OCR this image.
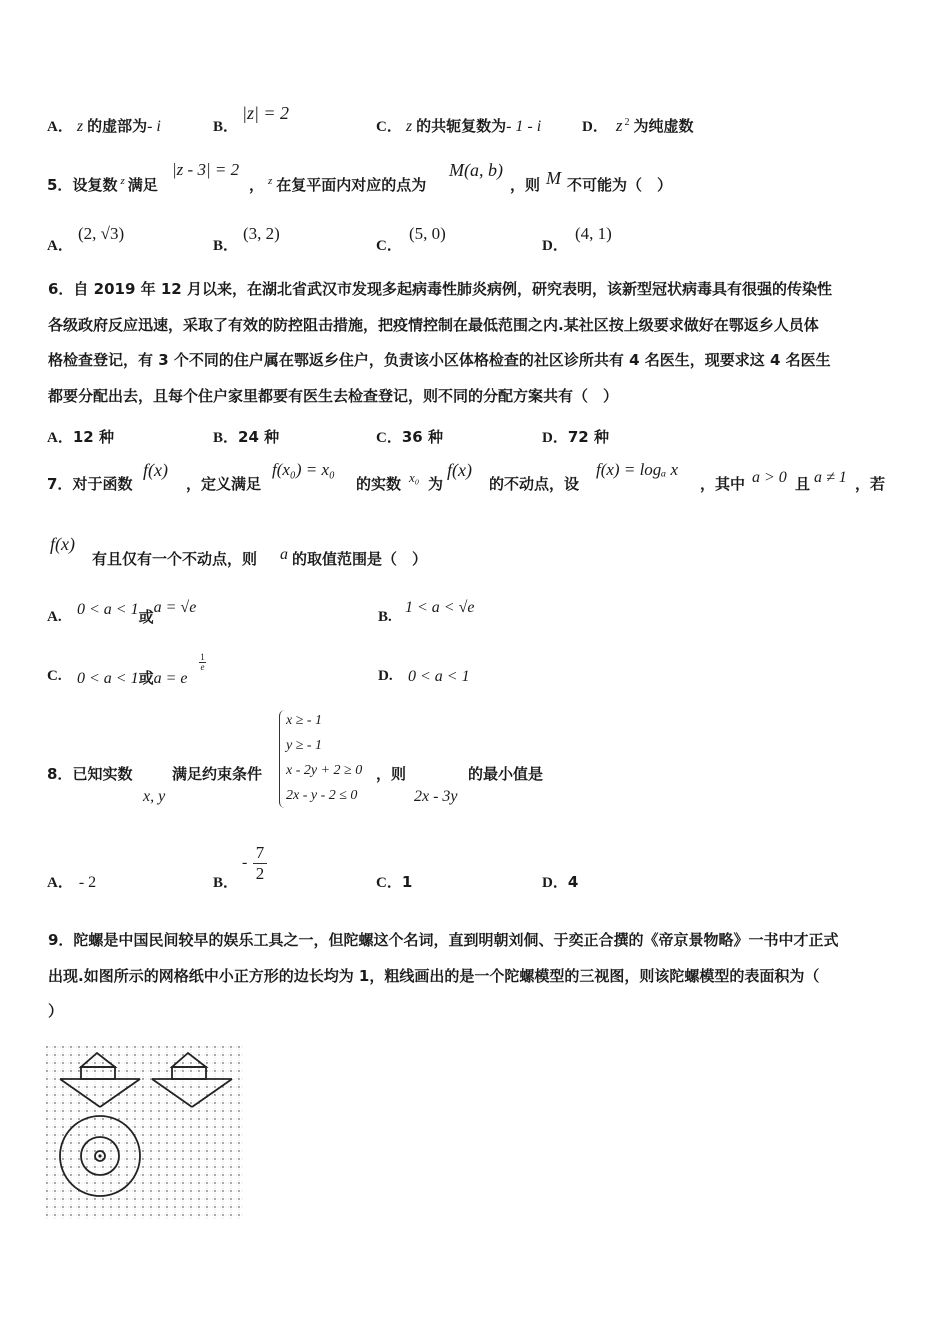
A． z 的虚部为- i	B．
|z| = 2
C． z 的共轭复数为- 1 - i	D． z $^2$ 为纯虚数
5．设复数 $^z$ 满足
|z - 3| = 2
， $^z$ 在复平面内对应的点为
M(a, b)
，则 M 不可能为（　）
A．
(2, √3)
B．
(3, 2)
C．
(5, 0)
D．
(4, 1)
6．自 2019 年 12 月以来，在湖北省武汉市发现多起病毒性肺炎病例，研究表明，该新型冠状病毒具有很强的传染性
各级政府反应迅速，采取了有效的防控阻击措施，把疫情控制在最低范围之内.某社区按上级要求做好在鄂返乡人员体
格检查登记，有 3 个不同的住户属在鄂返乡住户，负责该小区体格检查的社区诊所共有 4 名医生，现要求这 4 名医生
都要分配出去，且每个住户家里都要有医生去检查登记，则不同的分配方案共有（　）
A．12 种	B．24 种	C．36 种	D．72 种
7．对于函数
f(x)
，定义满足
f(x₀) = x₀
的实数 x₀ 为
f(x)
的不动点，设
f(x) = logₐ x
，其中 a > 0 且 a ≠ 1 ，若
f(x)
有且仅有一个不动点，则 a 的取值范围是（　）
A. 0 < a < 1或a = √e
B.
1 < a < √e
C. 0 < a < 1或a = e
1
e
D. 0 < a < 1
8．已知实数
x, y
满足约束条件
x ≥ - 1
y ≥ - 1
x - 2y + 2 ≥ 0
2x - y - 2 ≤ 0
，则
2x - 3y
的最小值是
A． - 2	B．
-
7
2	C．1	D．4
9．陀螺是中国民间较早的娱乐工具之一，但陀螺这个名词，直到明朝刘侗、于奕正合撰的《帝京景物略》一书中才正式
出现.如图所示的网格纸中小正方形的边长均为 1，粗线画出的是一个陀螺模型的三视图，则该陀螺模型的表面积为（
）
